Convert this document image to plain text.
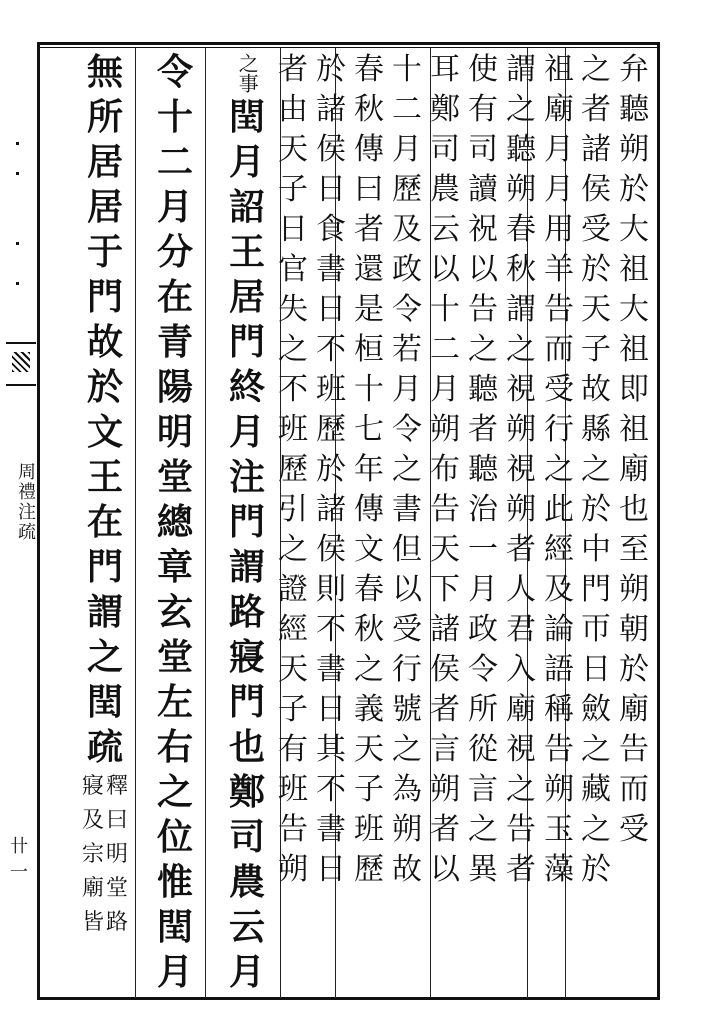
周禮注疏
卄一
弁
聽
朔
於
大
祖
大
祖
即
祖
廟
也
至
朔
朝
於
廟
告
而
受
之
者
諸
侯
受
於
天
子
故
縣
之
於
中
門
帀
日
斂
之
藏
之
於
祖
廟
月
月
用
羊
告
而
受
行
之
此
經
及
論
語
稱
告
朔
玉
藻
謂
之
聽
朔
春
秋
謂
之
視
朔
視
朔
者
人
君
入
廟
視
之
告
者
使
有
司
讀
祝
以
告
之
聽
者
聽
治
一
月
政
令
所
從
言
之
異
耳
鄭
司
農
云
以
十
二
月
朔
布
告
天
下
諸
侯
者
言
朔
者
以
十
二
月
歷
及
政
令
若
月
令
之
書
但
以
受
行
號
之
為
朔
故
春
秋
傳
曰
者
還
是
桓
十
七
年
傳
文
春
秋
之
義
天
子
班
歷
於
諸
侯
日
食
書
日
不
班
歷
於
諸
侯
則
不
書
日
其
不
書
日
者
由
天
子
日
官
失
之
不
班
歷
引
之
證
經
天
子
有
班
告
朔
之事
閏
月
詔
王
居
門
終
月
注
門
謂
路
寢
門
也
鄭
司
農
云
月
令
十
二
月
分
在
青
陽
明
堂
總
章
玄
堂
左
右
之
位
惟
閏
月
無
所
居
居
于
門
故
於
文
王
在
門
謂
之
閏
疏
釋
曰
明
堂
路
寢
及
宗
廟
皆
